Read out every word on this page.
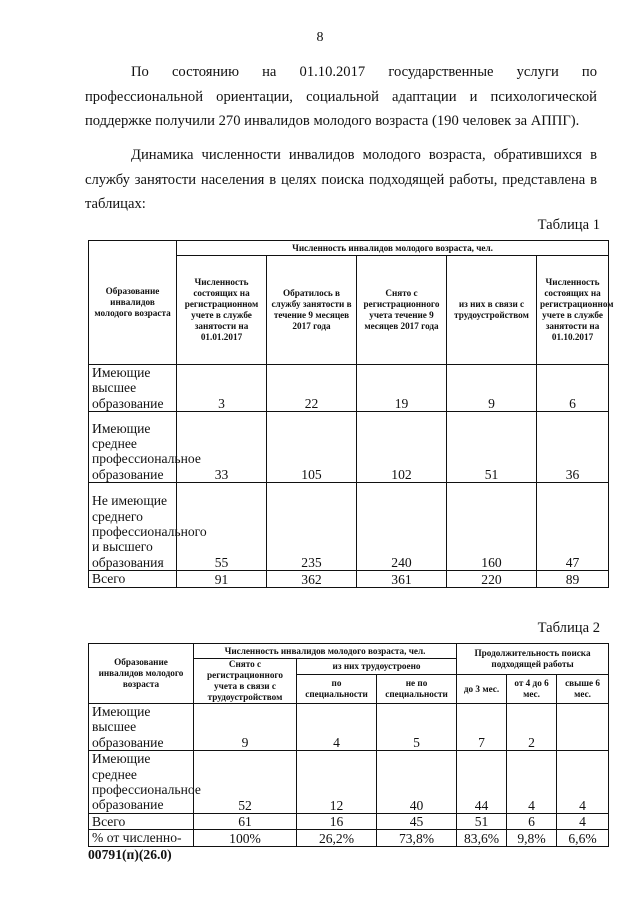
8

По состоянию на 01.10.2017 государственные услуги по профессиональной ориентации, социальной адаптации и психологической поддержке получили 270 инвалидов молодого возраста (190 человек за АППГ).

Динамика численности инвалидов молодого возраста, обратившихся в службу занятости населения в целях поиска подходящей работы, представлена в таблицах:

Таблица 1
Образование инвалидов молодого возраста	Численность инвалидов молодого возраста, чел.				
	Численность состоящих на регистрационном учете в службе занятости на 01.01.2017	Обратилось в службу занятости в течение 9 месяцев 2017 года	Снято с регистрационного учета течение 9 месяцев 2017 года	из них в связи с трудоустройством	Численность состоящих на регистрационном учете в службе занятости на 01.10.2017
Имеющие высшее образование	3	22	19	9	6
Имеющие среднее профессиональное образование	33	105	102	51	36
Не имеющие среднего профессионального и высшего образования	55	235	240	160	47
Всего	91	362	361	220	89
Таблица 2
Образование инвалидов молодого возраста	Численность инвалидов молодого возраста, чел.			Продолжительность поиска подходящей работы		
	Снято с регистрационного учета в связи с трудоустройством	из них трудоустроено				
		по специальности	не по специальности	до 3 мес.	от 4 до 6 мес.	свыше 6 мес.
Имеющие высшее образование	9	4	5	7	2	
Имеющие среднее профессиональное образование	52	12	40	44	4	4
Всего	61	16	45	51	6	4
% от численно-	100%	26,2%	73,8%	83,6%	9,8%	6,6%
00791(п)(26.0)
